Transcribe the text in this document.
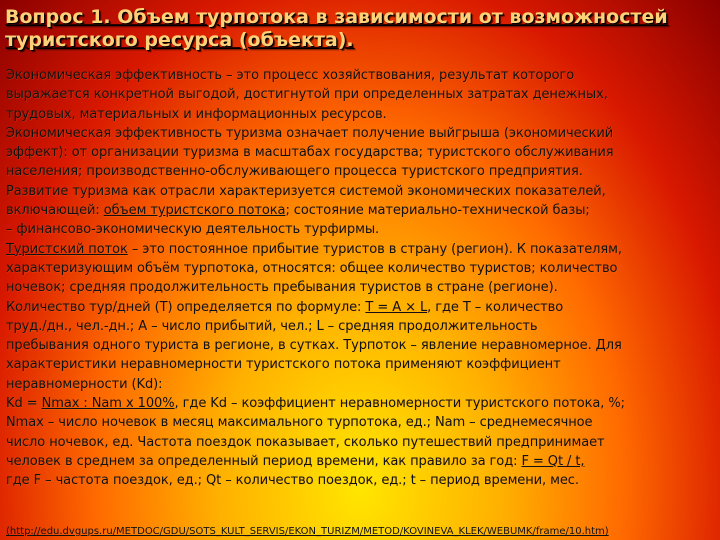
Вопрос 1. Объем турпотока в зависимости от возможностей
туристского ресурса (объекта).
Экономическая эффективность – это процесс хозяйствования, результат которого
выражается конкретной выгодой, достигнутой при определенных затратах денежных,
трудовых, материальных и информационных ресурсов.
Экономическая эффективность туризма означает получение выйгрыша (экономический
эффект): от организации туризма в масштабах государства; туристского обслуживания
населения; производственно-обслуживающего процесса туристского предприятия.
Развитие туризма как отрасли характеризуется системой экономических показателей,
включающей: объем туристского потока; состояние материально-технической базы;
– финансово-экономическую деятельность турфирмы.
Туристский поток – это постоянное прибытие туристов в страну (регион). К показателям,
характеризующим объём турпотока, относятся: общее количество туристов; количество
ночевок; средняя продолжительность пребывания туристов в стране (регионе).
Количество тур/дней (Т) определяется по формуле: T = A × L, где Т – количество
труд./дн., чел.-дн.; А – число прибытий, чел.; L – средняя продолжительность
пребывания одного туриста в регионе, в сутках. Турпоток – явление неравномерное. Для
характеристики неравномерности туристского потока применяют коэффициент
неравномерности (Kd):
Kd = Nmax : Nam x 100%, где Kd – коэффициент неравномерности туристского потока, %;
Nmax – число ночевок в месяц максимального турпотока, ед.; Nam – среднемесячное
число ночевок, ед. Частота поездок показывает, сколько путешествий предпринимает
человек в среднем за определенный период времени, как правило за год: F = Qt / t,
где F – частота поездок, ед.; Qt – количество поездок, ед.; t – период времени, мес.
(http://edu.dvgups.ru/METDOC/GDU/SOTS_KULT_SERVIS/EKON_TURIZM/METOD/KOVINEVA_KLEK/WEBUMK/frame/10.htm)
